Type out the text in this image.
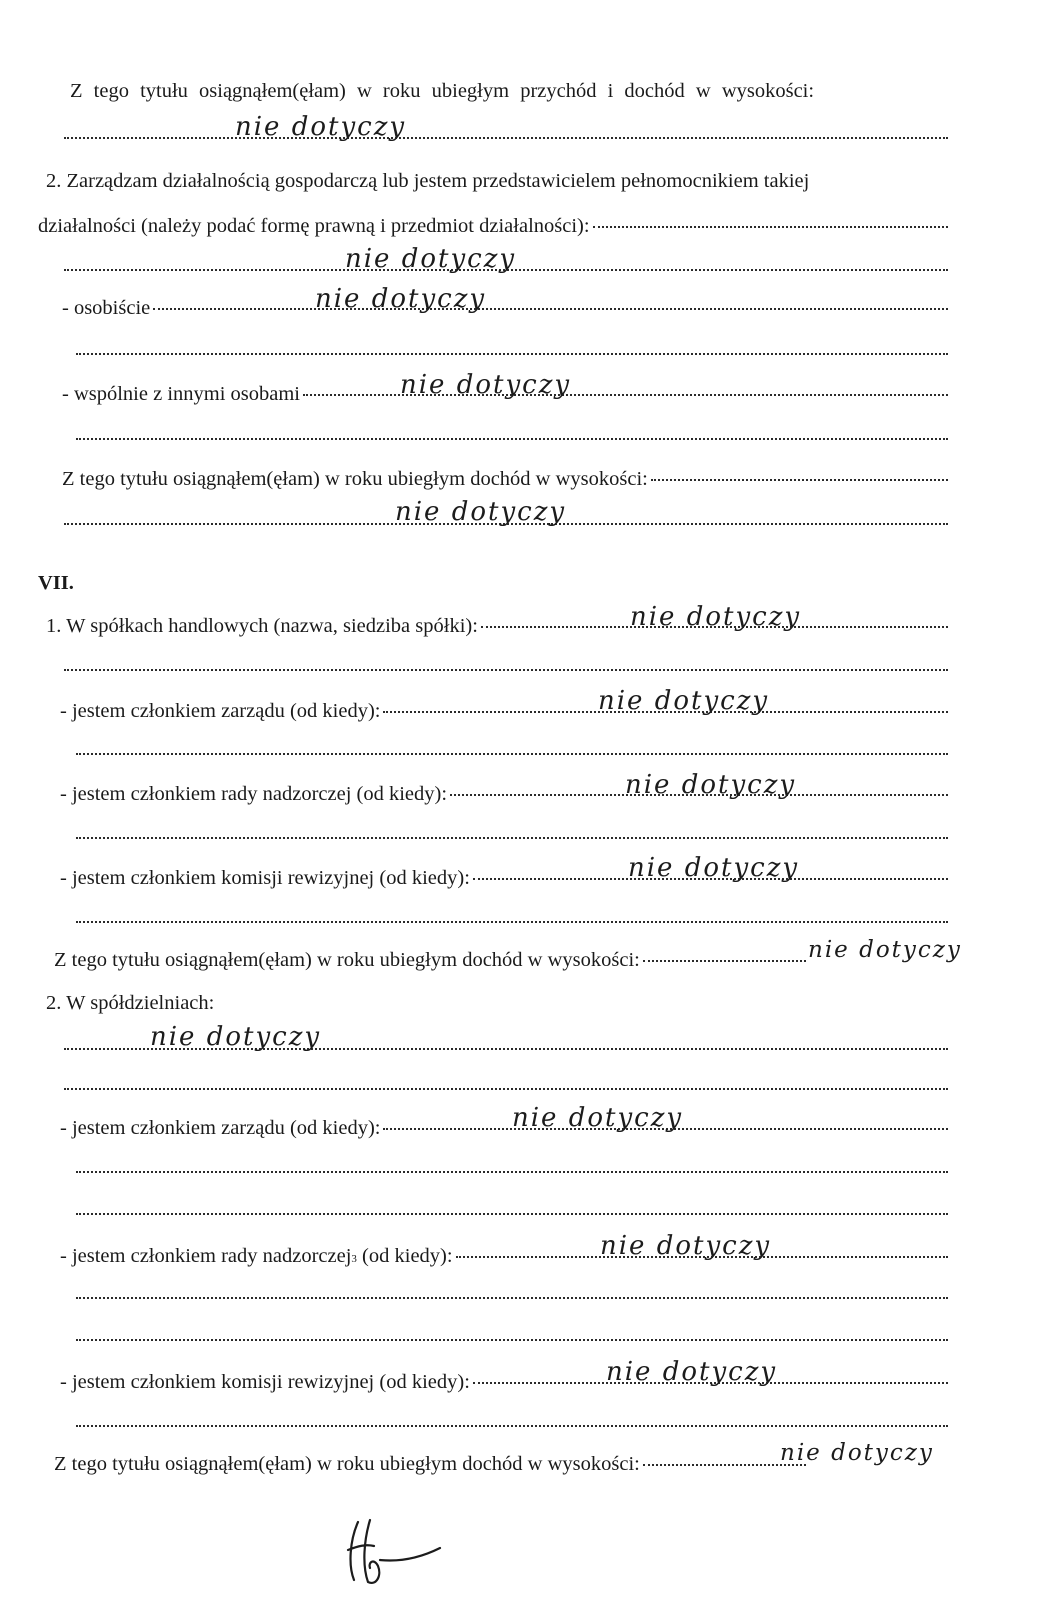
Z tego tytułu osiągnąłem(ęłam) w roku ubiegłym przychód i dochód w wysokości:
nie dotyczy
2. Zarządzam działalnością gospodarczą lub jestem przedstawicielem pełnomocnikiem takiej
działalności (należy podać formę prawną i przedmiot działalności):
nie dotyczy
- osobiście	nie dotyczy
- wspólnie z innymi osobami	nie dotyczy
Z tego tytułu osiągnąłem(ęłam) w roku ubiegłym dochód w wysokości:
nie dotyczy
VII.
1. W spółkach handlowych (nazwa, siedziba spółki):	nie dotyczy
- jestem członkiem zarządu (od kiedy):	nie dotyczy
- jestem członkiem rady nadzorczej (od kiedy):	nie dotyczy
- jestem członkiem komisji rewizyjnej (od kiedy):	nie dotyczy
Z tego tytułu osiągnąłem(ęłam) w roku ubiegłym dochód w wysokości:	nie dotyczy
2. W spółdzielniach:
nie dotyczy
- jestem członkiem zarządu (od kiedy):	nie dotyczy
- jestem członkiem rady nadzorczej 3
(od kiedy):	nie dotyczy
- jestem członkiem komisji rewizyjnej (od kiedy):	nie dotyczy
Z tego tytułu osiągnąłem(ęłam) w roku ubiegłym dochód w wysokości:	nie dotyczy
